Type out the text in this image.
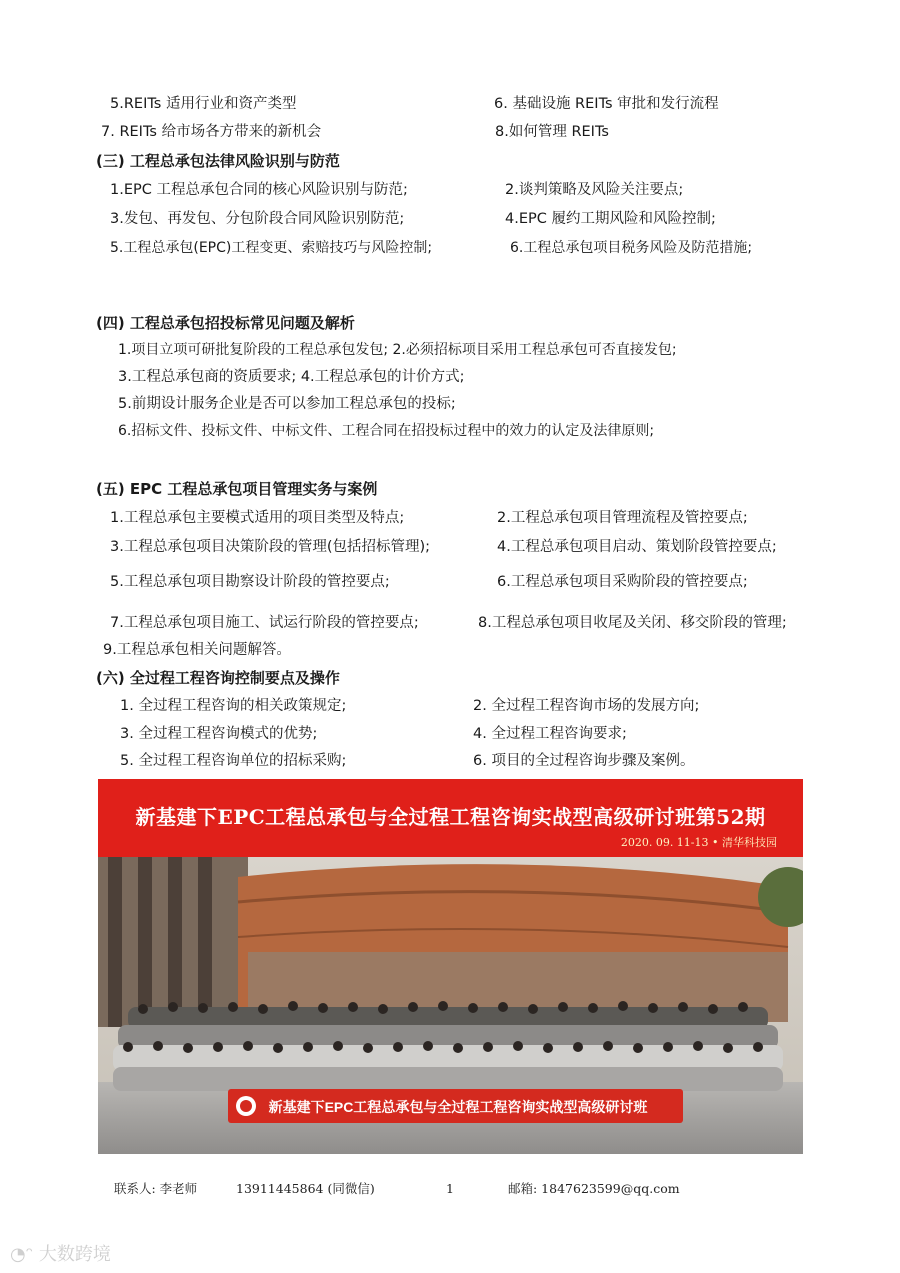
5.REITs 适用行业和资产类型	6. 基础设施 REITs 审批和发行流程
7. REITs 给市场各方带来的新机会	8.如何管理 REITs
(三) 工程总承包法律风险识别与防范
1.EPC 工程总承包合同的核心风险识别与防范;	2.谈判策略及风险关注要点;
3.发包、再发包、分包阶段合同风险识别防范;	4.EPC 履约工期风险和风险控制;
5.工程总承包(EPC)工程变更、索赔技巧与风险控制;	6.工程总承包项目税务风险及防范措施;
(四) 工程总承包招投标常见问题及解析
1.项目立项可研批复阶段的工程总承包发包; 2.必须招标项目采用工程总承包可否直接发包;
3.工程总承包商的资质要求; 4.工程总承包的计价方式;
5.前期设计服务企业是否可以参加工程总承包的投标;
6.招标文件、投标文件、中标文件、工程合同在招投标过程中的效力的认定及法律原则;
(五) EPC 工程总承包项目管理实务与案例
1.工程总承包主要模式适用的项目类型及特点;	2.工程总承包项目管理流程及管控要点;
3.工程总承包项目决策阶段的管理(包括招标管理);	4.工程总承包项目启动、策划阶段管控要点;
5.工程总承包项目勘察设计阶段的管控要点;	6.工程总承包项目采购阶段的管控要点;
7.工程总承包项目施工、试运行阶段的管控要点;	8.工程总承包项目收尾及关闭、移交阶段的管理;
9.工程总承包相关问题解答。
(六) 全过程工程咨询控制要点及操作
1. 全过程工程咨询的相关政策规定;	2. 全过程工程咨询市场的发展方向;
3. 全过程工程咨询模式的优势;	4. 全过程工程咨询要求;
5. 全过程工程咨询单位的招标采购;	6. 项目的全过程咨询步骤及案例。
新基建下EPC工程总承包与全过程工程咨询实战型高级研讨班第52期
2020. 09. 11-13 • 清华科技园
新基建下EPC工程总承包与全过程工程咨询实战型高级研讨班
联系人: 李老师	13911445864 (同微信)	1	邮箱: 1847623599@qq.com
◔ᵔ 大数跨境
